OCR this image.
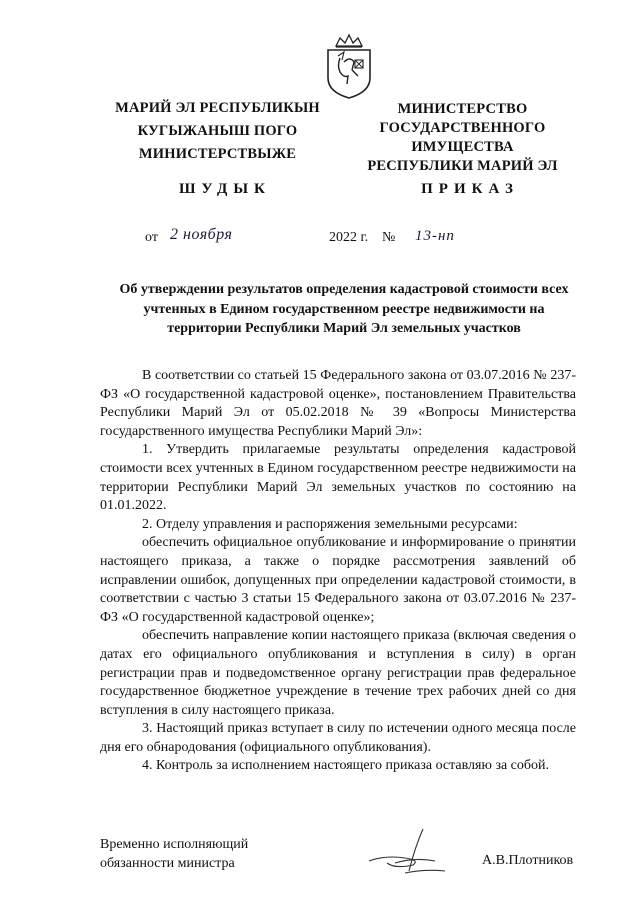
МАРИЙ ЭЛ РЕСПУБЛИКЫН
КУГЫЖАНЫШ ПОГО
МИНИСТЕРСТВЫЖЕ
МИНИСТЕРСТВО
ГОСУДАРСТВЕННОГО
ИМУЩЕСТВА
РЕСПУБЛИКИ МАРИЙ ЭЛ
ШУДЫК	ПРИКАЗ
от 2 ноября	2022 г. № 13-нп
Об утверждении результатов определения кадастровой стоимости всех учтенных в Едином государственном реестре недвижимости на территории Республики Марий Эл земельных участков

В соответствии со статьей 15 Федерального закона от 03.07.2016 № 237-ФЗ «О государственной кадастровой оценке», постановлением Правительства Республики Марий Эл от 05.02.2018 № 39 «Вопросы Министерства государственного имущества Республики Марий Эл»:

1. Утвердить прилагаемые результаты определения кадастровой стоимости всех учтенных в Едином государственном реестре недвижимости на территории Республики Марий Эл земельных участков по состоянию на 01.01.2022.

2. Отделу управления и распоряжения земельными ресурсами:

обеспечить официальное опубликование и информирование о принятии настоящего приказа, а также о порядке рассмотрения заявлений об исправлении ошибок, допущенных при определении кадастровой стоимости, в соответствии с частью 3 статьи 15 Федерального закона от 03.07.2016 № 237-ФЗ «О государственной кадастровой оценке»;

обеспечить направление копии настоящего приказа (включая сведения о датах его официального опубликования и вступления в силу) в орган регистрации прав и подведомственное органу регистрации прав федеральное государственное бюджетное учреждение в течение трех рабочих дней со дня вступления в силу настоящего приказа.

3. Настоящий приказ вступает в силу по истечении одного месяца после дня его обнародования (официального опубликования).

4. Контроль за исполнением настоящего приказа оставляю за собой.

Временно исполняющий
обязанности министра	А.В.Плотников
